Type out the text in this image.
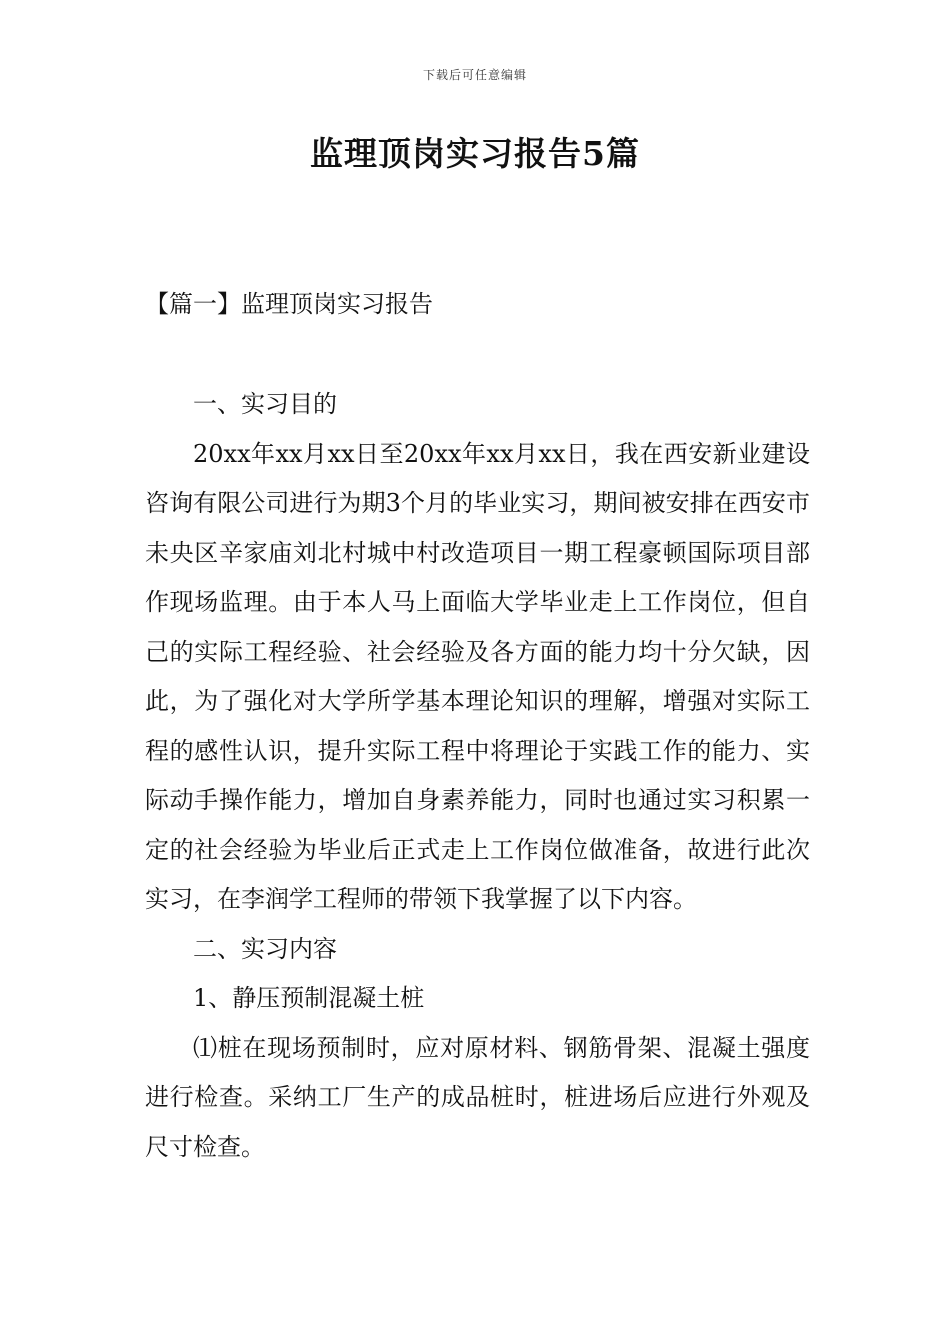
下载后可任意编辑
监理顶岗实习报告5篇
【篇一】监理顶岗实习报告

一、实习目的

20xx年xx月xx日至20xx年xx月xx日，我在西安新业建设咨询有限公司进行为期3个月的毕业实习，期间被安排在西安市未央区辛家庙刘北村城中村改造项目一期工程豪顿国际项目部作现场监理。由于本人马上面临大学毕业走上工作岗位，但自己的实际工程经验、社会经验及各方面的能力均十分欠缺，因此，为了强化对大学所学基本理论知识的理解，增强对实际工程的感性认识，提升实际工程中将理论于实践工作的能力、实际动手操作能力，增加自身素养能力，同时也通过实习积累一定的社会经验为毕业后正式走上工作岗位做准备，故进行此次实习，在李润学工程师的带领下我掌握了以下内容。

二、实习内容

1、静压预制混凝土桩

⑴桩在现场预制时，应对原材料、钢筋骨架、混凝土强度进行检查。采纳工厂生产的成品桩时，桩进场后应进行外观及尺寸检查。
